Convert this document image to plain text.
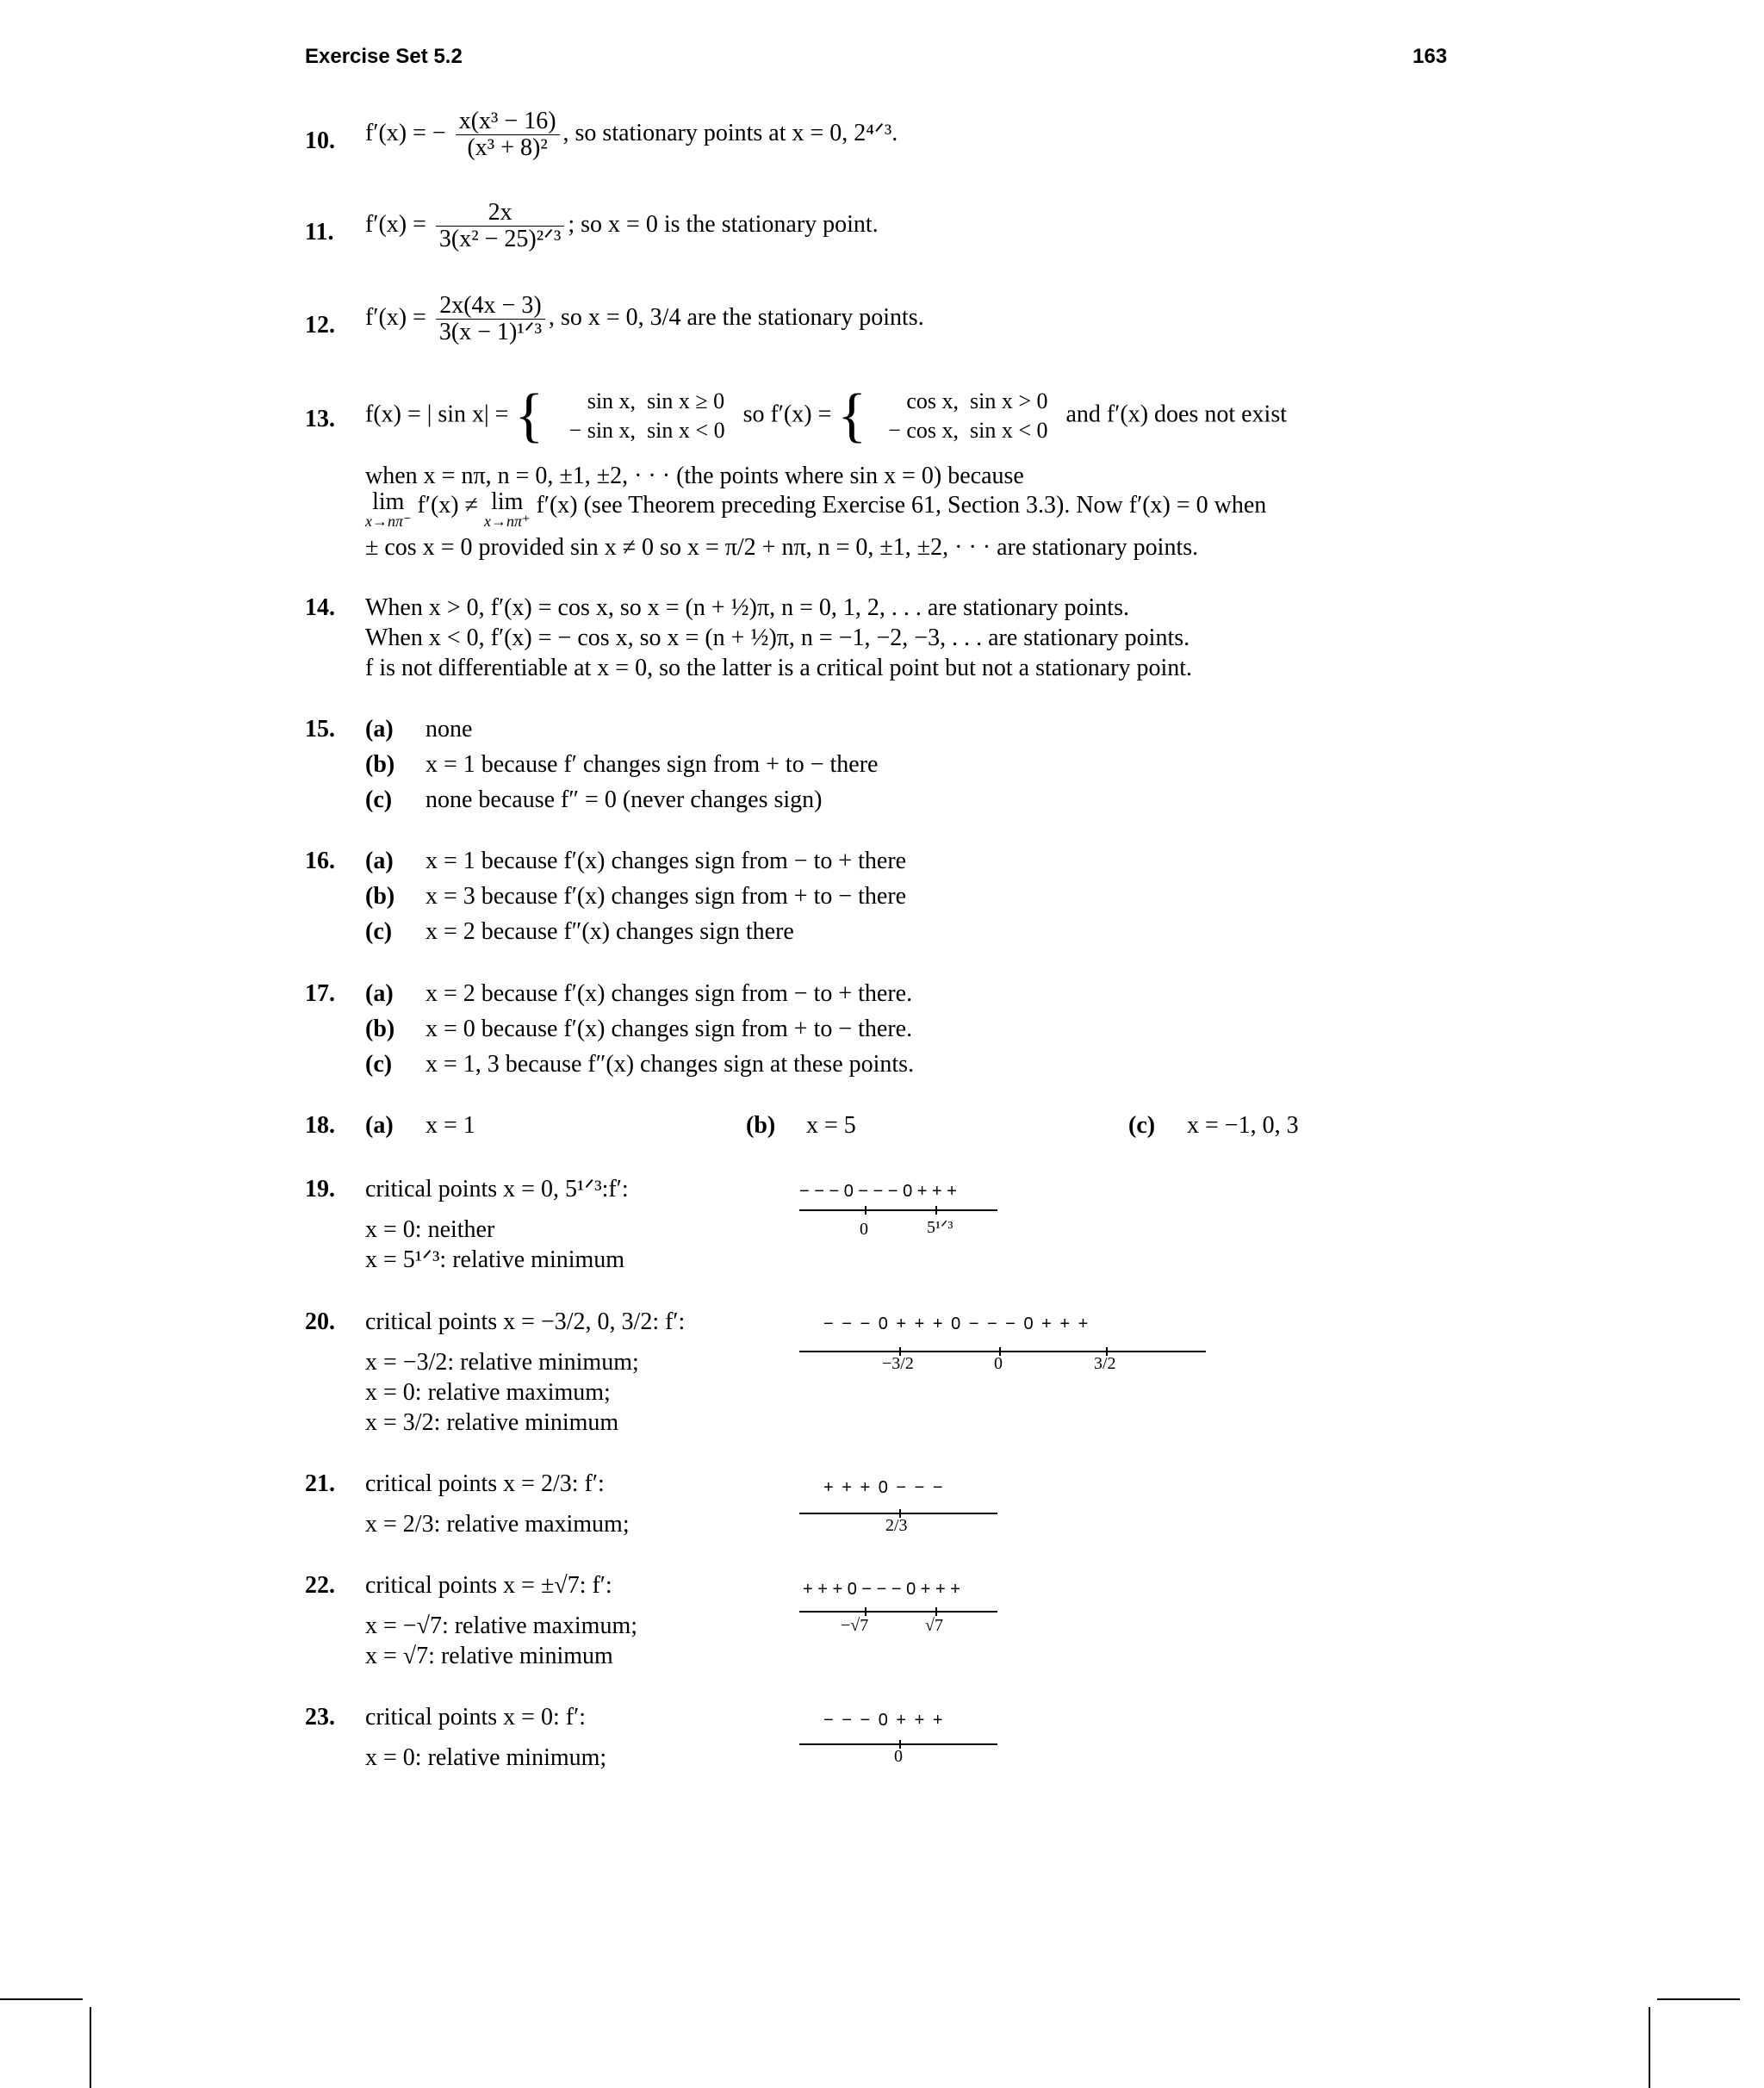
Exercise Set 5.2	163
10. f′(x) = − $\frac{\text{x(x³ − 16)}}{\text{(x³ + 8)²}}$ , so stationary points at x = 0, 2⁴ᐟ³.
11. $f'(x) = \frac{2x}{\text{3(x² − 25)²ᐟ³}}$ ; so x = 0 is the stationary point.
12. $f'(x) = \frac{2x(4x - 3)}{\text{3(x − 1)¹ᐟ³}}$ , so x = 0, 3/4 are the stationary points.
13. f(x) = | sin x| = {	sin x, sin x ≥ 0
− sin x, sin x < 0
so f′(x) = {	cos x, sin x > 0
− cos x, sin x < 0
and f′(x) does not exist
when x = nπ, n = 0, ±1, ±2, · · · (the points where sin x = 0) because
lim
x→nπ⁻
f′(x) ≠ lim
x→nπ⁺
f′(x) (see Theorem preceding Exercise 61, Section 3.3). Now f′(x) = 0 when
± cos x = 0 provided sin x ≠ 0 so x = π/2 + nπ, n = 0, ±1, ±2, · · · are stationary points.
14. When x > 0, f′(x) = cos x, so x = (n + ½)π, n = 0, 1, 2, . . . are stationary points.
When x < 0, f′(x) = − cos x, so x = (n + ½)π, n = −1, −2, −3, . . . are stationary points.
f is not differentiable at x = 0, so the latter is a critical point but not a stationary point.
15. (a) none
(b) x = 1 because f′ changes sign from + to − there
(c) none because f″ = 0 (never changes sign)
16. (a) x = 1 because f′(x) changes sign from − to + there
(b) x = 3 because f′(x) changes sign from + to − there
(c) x = 2 because f″(x) changes sign there
17. (a) x = 2 because f′(x) changes sign from − to + there.
(b) x = 0 because f′(x) changes sign from + to − there.
(c) x = 1, 3 because f″(x) changes sign at these points.
18. (a) x = 1	(b) x = 5	(c) x = −1, 0, 3
19. critical points x = 0, 5¹ᐟ³:f′:
x = 0: neither
x = 5¹ᐟ³: relative minimum
− − − 0 − − − 0 + + +
0	5¹ᐟ³
20. critical points x = −3/2, 0, 3/2: f′:
x = −3/2: relative minimum;
x = 0: relative maximum;
x = 3/2: relative minimum
− − − 0 + + + 0 − − − 0 + + +
−3/2	0	3/2
21. critical points x = 2/3: f′:
x = 2/3: relative maximum;
+ + + 0 − − −
2/3
22. critical points x = ±√7: f′:
x = −√7: relative maximum;
x = √7: relative minimum
+ + + 0 − − − 0 + + +
−√7	√7
23. critical points x = 0: f′:
x = 0: relative minimum;
− − − 0 + + +
0
